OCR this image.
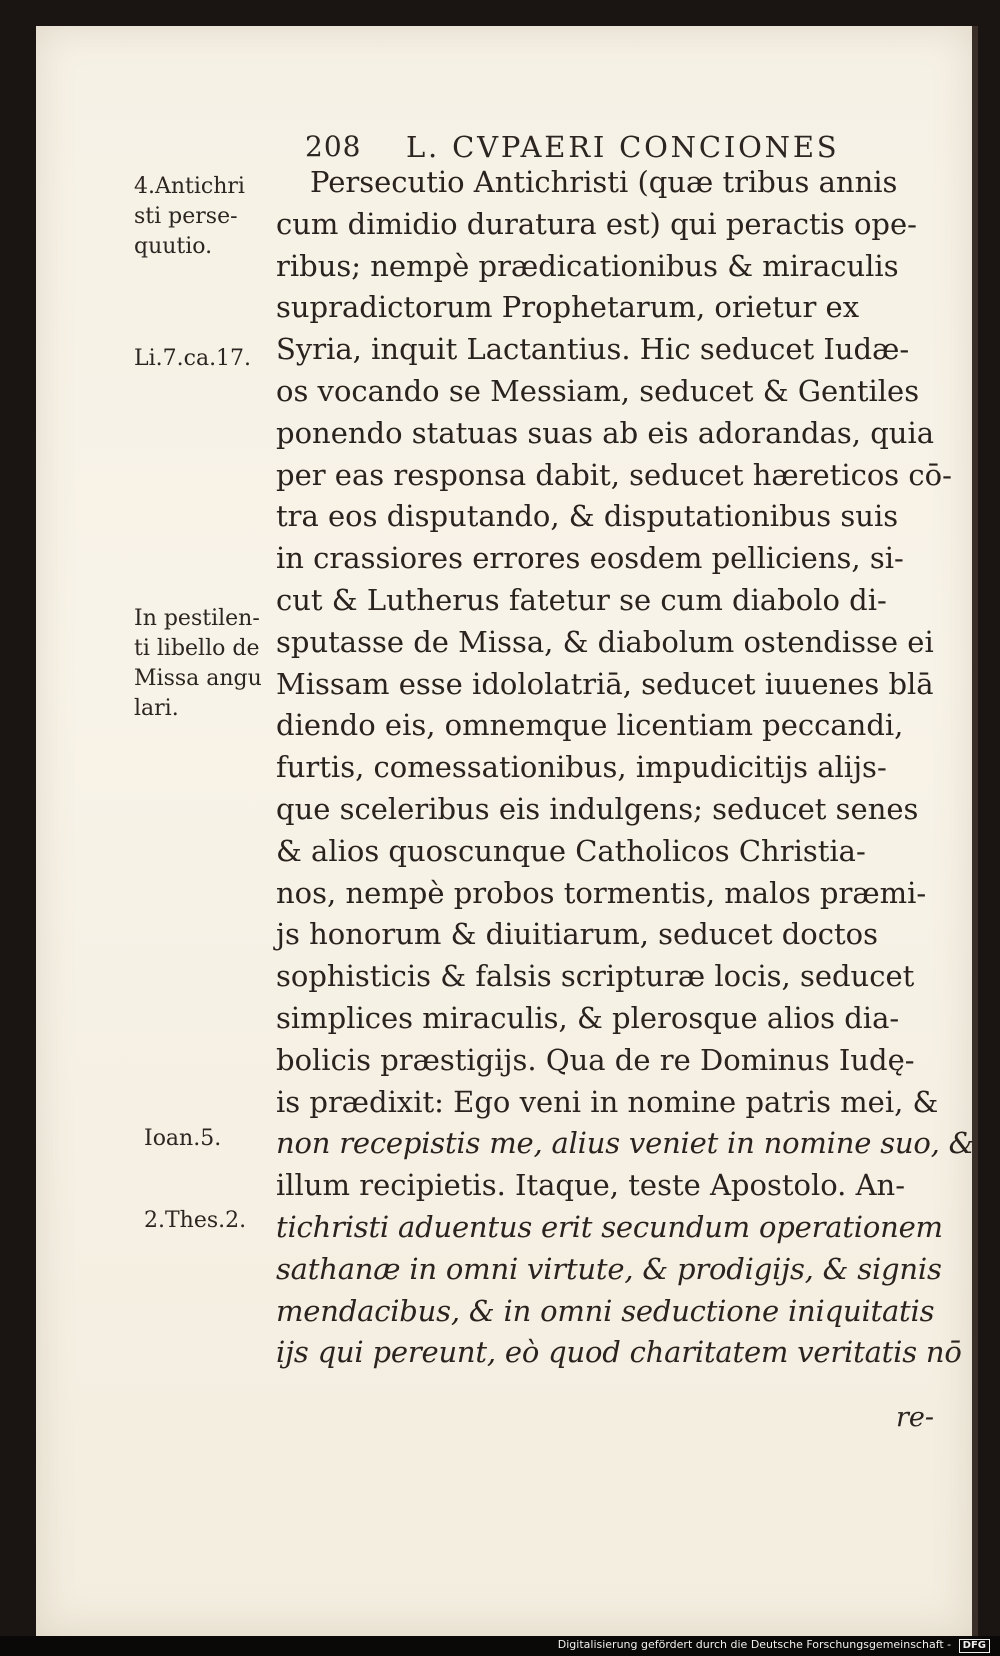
208 L. CVPAERI CONCIONES
4.Antichri
sti perse-
quutio.
Li.7.ca.17.
In pestilen-
ti libello de
Missa angu
lari.
Ioan.5.
2.Thes.2.
Persecutio Antichristi (quæ tribus annis
cum dimidio duratura est) qui peractis ope-
ribus; nempè prædicationibus & miraculis
supradictorum Prophetarum, orietur ex
Syria, inquit Lactantius. Hic seducet Iudæ-
os vocando se Messiam, seducet & Gentiles
ponendo statuas suas ab eis adorandas, quia
per eas responsa dabit, seducet hæreticos cō-
tra eos disputando, & disputationibus suis
in crassiores errores eosdem pelliciens, si-
cut & Lutherus fatetur se cum diabolo di-
sputasse de Missa, & diabolum ostendisse ei
Missam esse idololatriā, seducet iuuenes blā
diendo eis, omnemque licentiam peccandi,
furtis, comessationibus, impudicitijs alijs-
que sceleribus eis indulgens; seducet senes
& alios quoscunque Catholicos Christia-
nos, nempè probos tormentis, malos præmi-
js honorum & diuitiarum, seducet doctos
sophisticis & falsis scripturæ locis, seducet
simplices miraculis, & plerosque alios dia-
bolicis præstigijs. Qua de re Dominus Iudę-
is prædixit: Ego veni in nomine patris mei, &
non recepistis me, alius veniet in nomine suo, &
illum recipietis. Itaque, teste Apostolo. An-
tichristi aduentus erit secundum operationem
sathanæ in omni virtute, & prodigijs, & signis
mendacibus, & in omni seductione iniquitatis
ijs qui pereunt, eò quod charitatem veritatis nō
re-
Digitalisierung gefördert durch die Deutsche Forschungsgemeinschaft - DFG
